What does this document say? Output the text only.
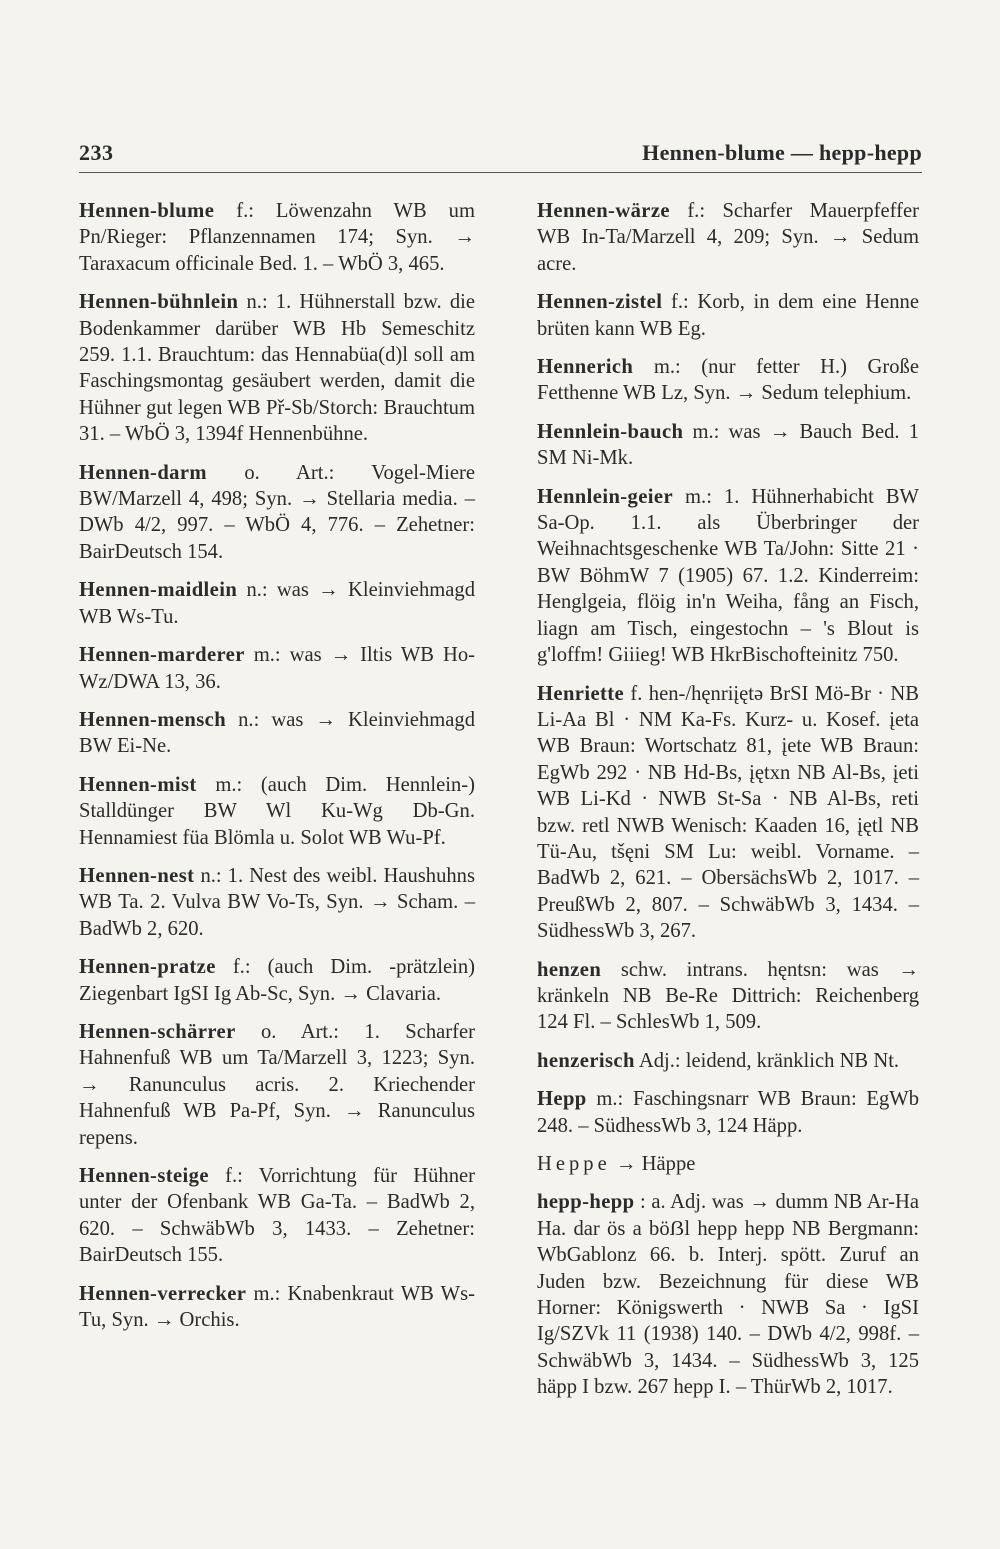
233	Hennen-blume — hepp-hepp

Hennen-blume f.: Löwenzahn WB um Pn/Rieger: Pflanzennamen 174; Syn. → Taraxacum officinale Bed. 1. – WbÖ 3, 465.

Hennen-bühnlein n.: 1. Hühnerstall bzw. die Bodenkammer darüber WB Hb Semeschitz 259. 1.1. Brauchtum: das Hennabüa(d)l soll am Faschingsmontag gesäubert werden, damit die Hühner gut legen WB Př-Sb/Storch: Brauchtum 31. – WbÖ 3, 1394f Hennenbühne.

Hennen-darm o. Art.: Vogel-Miere BW/Marzell 4, 498; Syn. → Stellaria media. – DWb 4/2, 997. – WbÖ 4, 776. – Zehetner: BairDeutsch 154.

Hennen-maidlein n.: was → Kleinviehmagd WB Ws-Tu.

Hennen-marderer m.: was → Iltis WB Ho-Wz/DWA 13, 36.

Hennen-mensch n.: was → Kleinviehmagd BW Ei-Ne.

Hennen-mist m.: (auch Dim. Hennlein-) Stalldünger BW Wl Ku-Wg Db-Gn. Hennamiest füa Blömla u. Solot WB Wu-Pf.

Hennen-nest n.: 1. Nest des weibl. Haushuhns WB Ta. 2. Vulva BW Vo-Ts, Syn. → Scham. – BadWb 2, 620.

Hennen-pratze f.: (auch Dim. -prätzlein) Ziegenbart IgSI Ig Ab-Sc, Syn. → Clavaria.

Hennen-schärrer o. Art.: 1. Scharfer Hahnenfuß WB um Ta/Marzell 3, 1223; Syn. → Ranunculus acris. 2. Kriechender Hahnenfuß WB Pa-Pf, Syn. → Ranunculus repens.

Hennen-steige f.: Vorrichtung für Hühner unter der Ofenbank WB Ga-Ta. – BadWb 2, 620. – SchwäbWb 3, 1433. – Zehetner: BairDeutsch 155.

Hennen-verrecker m.: Knabenkraut WB Ws-Tu, Syn. → Orchis.

Hennen-wärze f.: Scharfer Mauerpfeffer WB In-Ta/Marzell 4, 209; Syn. → Sedum acre.

Hennen-zistel f.: Korb, in dem eine Henne brüten kann WB Eg.

Hennerich m.: (nur fetter H.) Große Fetthenne WB Lz, Syn. → Sedum telephium.

Hennlein-bauch m.: was → Bauch Bed. 1 SM Ni-Mk.

Hennlein-geier m.: 1. Hühnerhabicht BW Sa-Op. 1.1. als Überbringer der Weihnachtsgeschenke WB Ta/John: Sitte 21 · BW BöhmW 7 (1905) 67. 1.2. Kinderreim: Henglgeia, flöig in'n Weiha, fång an Fisch, liagn am Tisch, eingestochn – 's Blout is g'loffm! Giiieg! WB HkrBischofteinitz 750.

Henriette f. hen-/hęnriįętə BrSI Mö-Br · NB Li-Aa Bl · NM Ka-Fs. Kurz- u. Kosef. įeta WB Braun: Wortschatz 81, įete WB Braun: EgWb 292 · NB Hd-Bs, įętxn NB Al-Bs, įeti WB Li-Kd · NWB St-Sa · NB Al-Bs, reti bzw. retl NWB Wenisch: Kaaden 16, įętl NB Tü-Au, tšęni SM Lu: weibl. Vorname. – BadWb 2, 621. – ObersächsWb 2, 1017. – PreußWb 2, 807. – SchwäbWb 3, 1434. – SüdhessWb 3, 267.

henzen schw. intrans. hęntsn: was → kränkeln NB Be-Re Dittrich: Reichenberg 124 Fl. – SchlesWb 1, 509.

henzerisch Adj.: leidend, kränklich NB Nt.

Hepp m.: Faschingsnarr WB Braun: EgWb 248. – SüdhessWb 3, 124 Häpp.

Heppe → Häppe

hepp-hepp : a. Adj. was → dumm NB Ar-Ha Ha. dar ös a böẞl hepp hepp NB Bergmann: WbGablonz 66. b. Interj. spött. Zuruf an Juden bzw. Bezeichnung für diese WB Horner: Königswerth · NWB Sa · IgSI Ig/SZVk 11 (1938) 140. – DWb 4/2, 998f. – SchwäbWb 3, 1434. – SüdhessWb 3, 125 häpp I bzw. 267 hepp I. – ThürWb 2, 1017.
